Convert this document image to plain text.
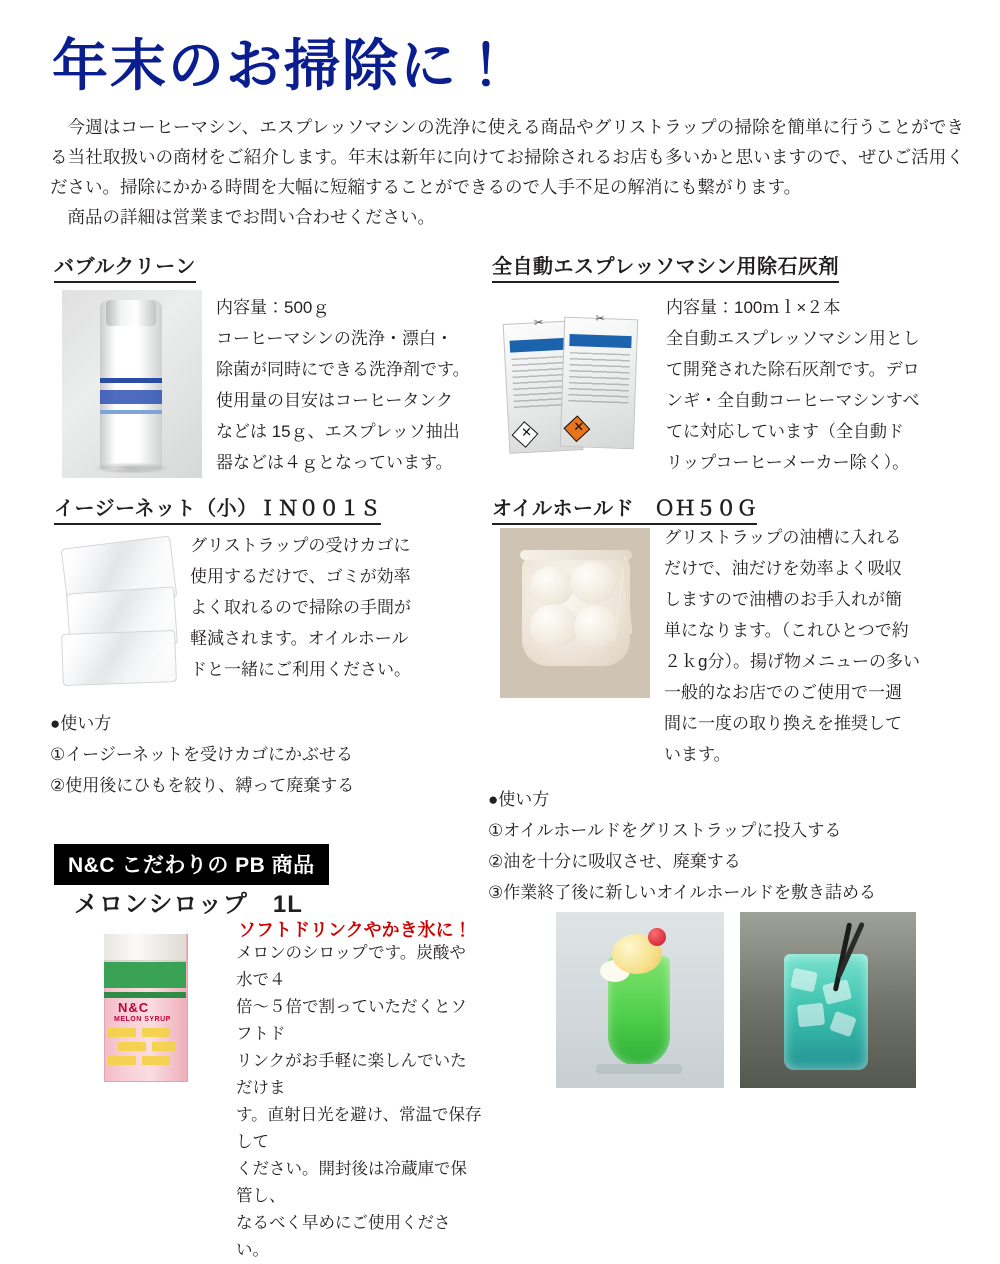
年末のお掃除に！

今週はコーヒーマシン、エスプレッソマシンの洗浄に使える商品やグリストラップの掃除を簡単に行うことができる当社取扱いの商材をご紹介します。年末は新年に向けてお掃除されるお店も多いかと思いますので、ぜひご活用ください。掃除にかかる時間を大幅に短縮することができるので人手不足の解消にも繋がります。

商品の詳細は営業までお問い合わせください。

バブルクリーン
内容量：500ｇ
コーヒーマシンの洗浄・漂白・
除菌が同時にできる洗浄剤です。
使用量の目安はコーヒータンク
などは 15ｇ、エスプレッソ抽出
器などは４ｇとなっています。
全自動エスプレッソマシン用除石灰剤
✂
✕
✂
✕
内容量：100ｍｌ×２本
全自動エスプレッソマシン用とし
て開発された除石灰剤です。デロ
ンギ・全自動コーヒーマシンすべ
てに対応しています（全自動ド
リップコーヒーメーカー除く）。
イージーネット（小）ＩＮ００１Ｓ
グリストラップの受けカゴに
使用するだけで、ゴミが効率
よく取れるので掃除の手間が
軽減されます。オイルホール
ドと一緒にご利用ください。
●使い方
①イージーネットを受けカゴにかぶせる
②使用後にひもを絞り、縛って廃棄する
オイルホールド　ＯＨ５０Ｇ
グリストラップの油槽に入れる
だけで、油だけを効率よく吸収
しますので油槽のお手入れが簡
単になります。（これひとつで約
２ｋg分）。揚げ物メニューの多い
一般的なお店でのご使用で一週
間に一度の取り換えを推奨して
います。
●使い方
①オイルホールドをグリストラップに投入する
②油を十分に吸収させ、廃棄する
③作業終了後に新しいオイルホールドを敷き詰める
N&C こだわりの PB 商品
メロンシロップ　1L
N&C
MELON SYRUP
ソフトドリンクやかき氷に！
メロンのシロップです。炭酸や水で４
倍～５倍で割っていただくとソフトド
リンクがお手軽に楽しんでいただけま
す。直射日光を避け、常温で保存して
ください。開封後は冷蔵庫で保管し、
なるべく早めにご使用ください。
